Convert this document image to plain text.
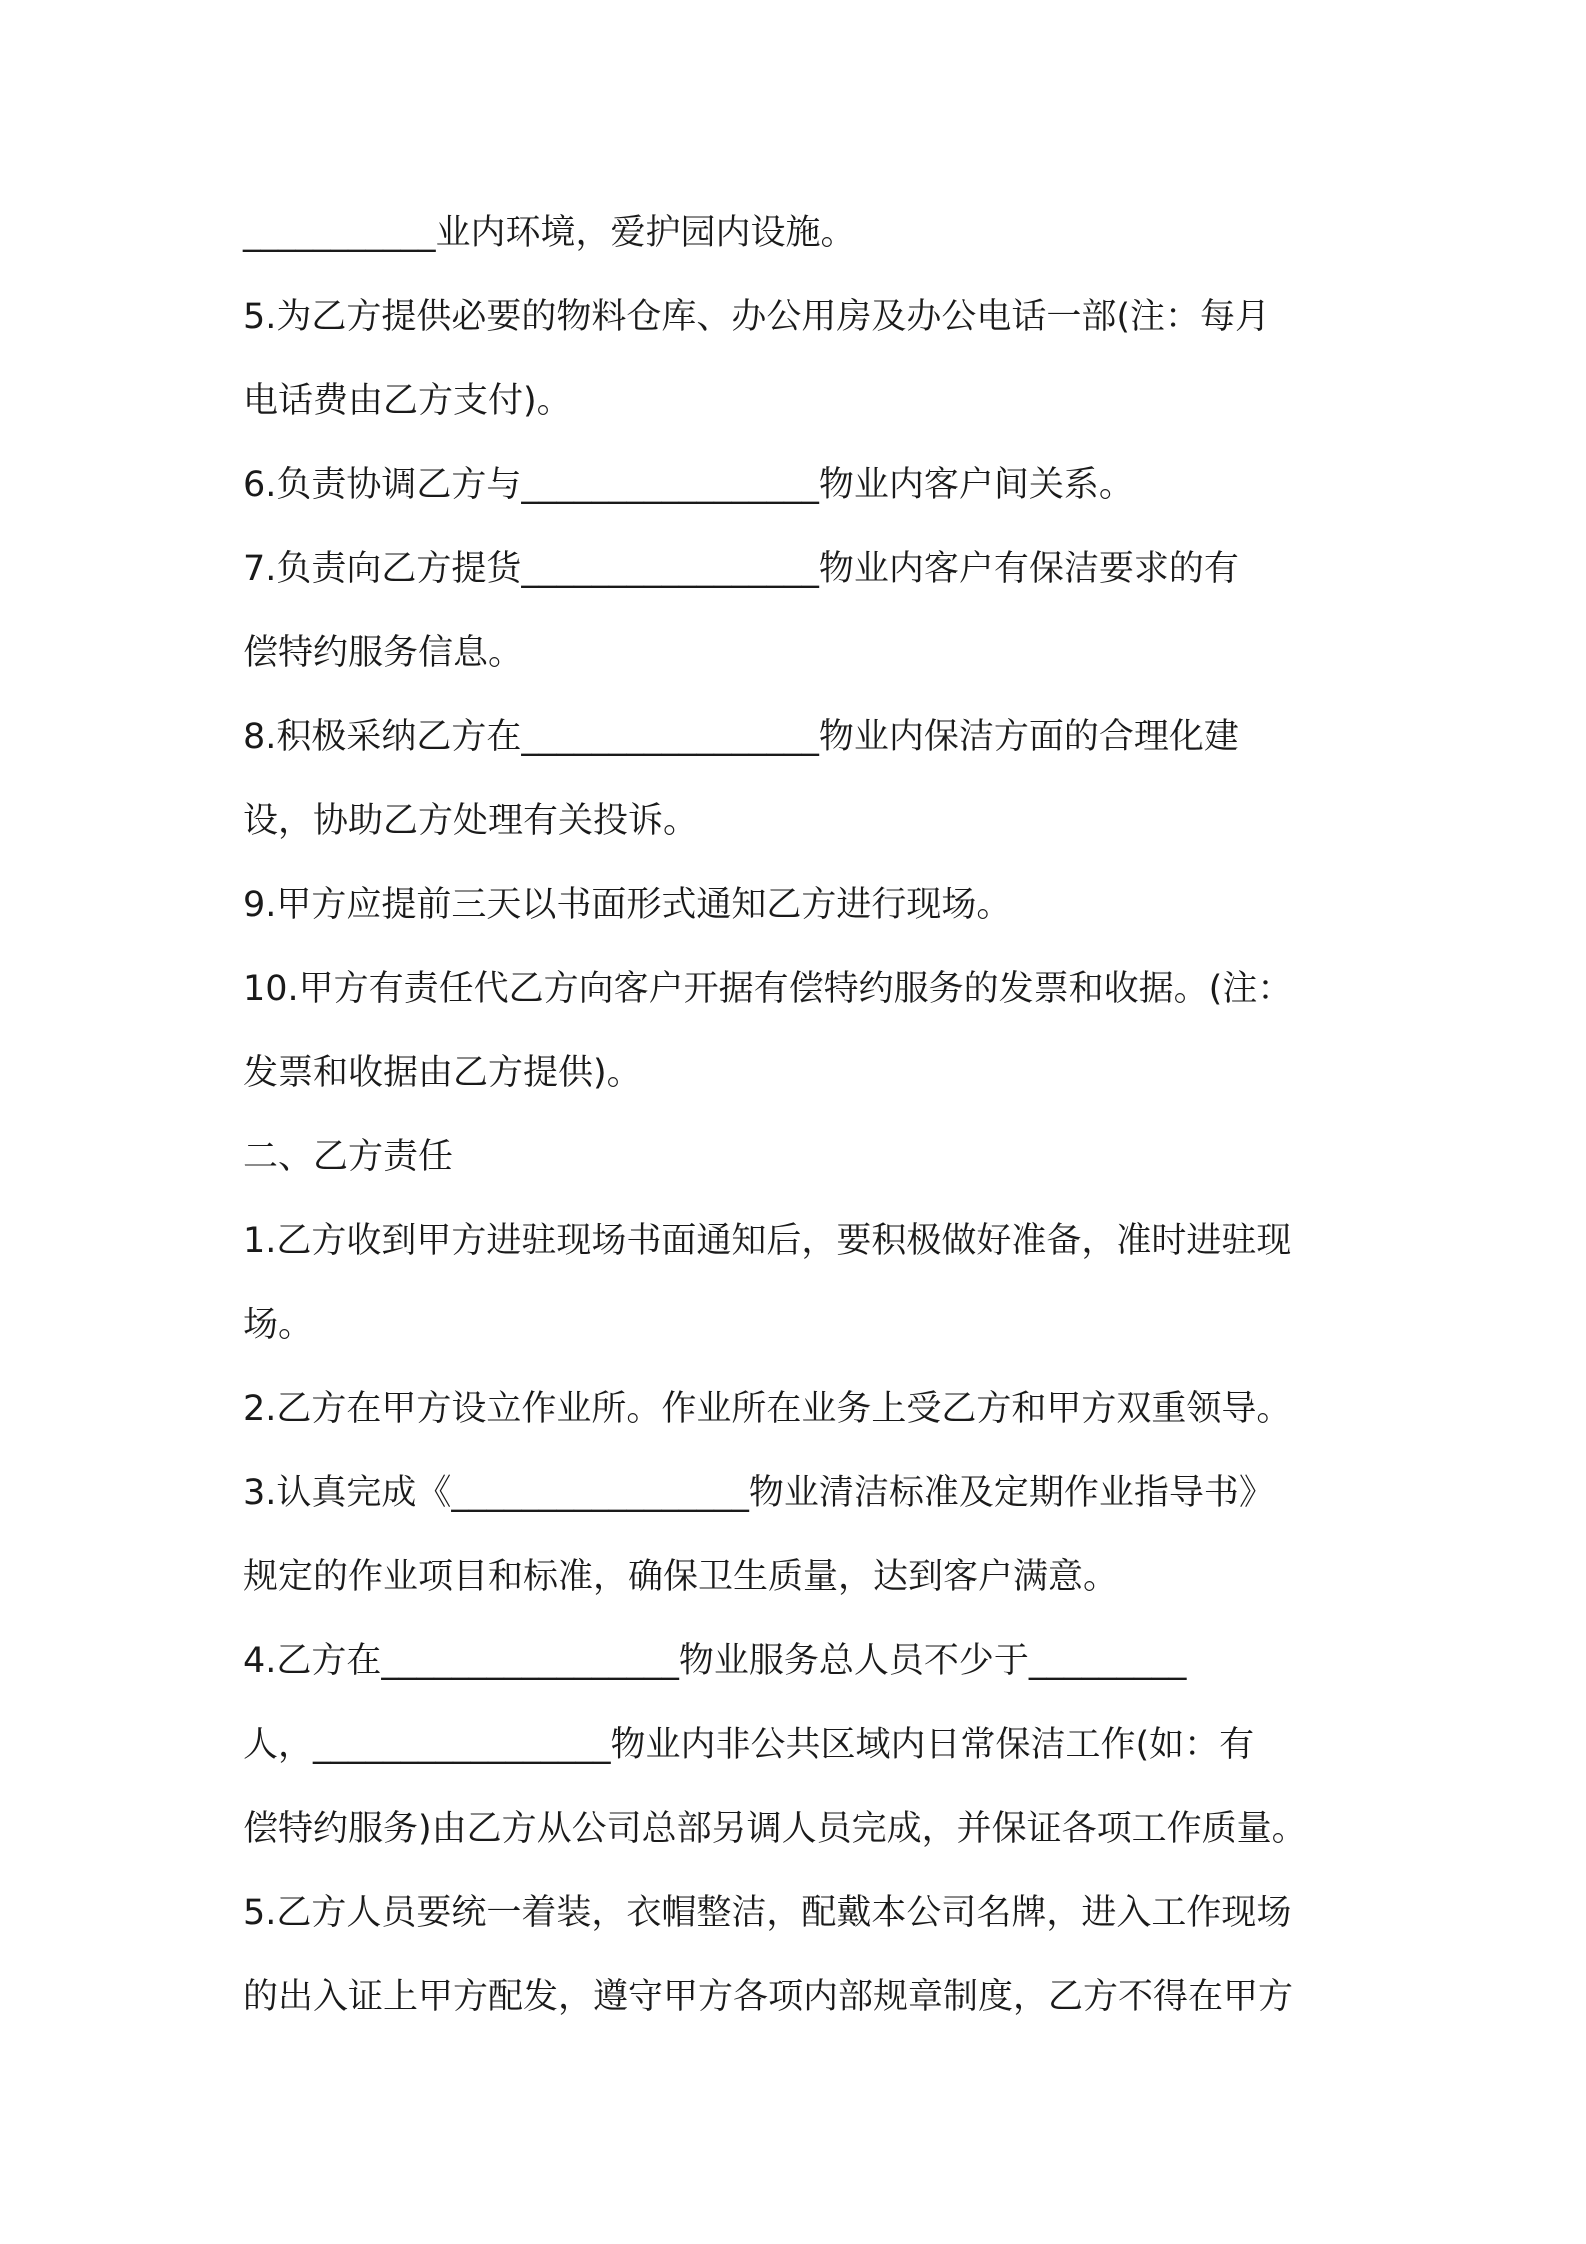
___________业内环境，爱护园内设施。
5.为乙方提供必要的物料仓库、办公用房及办公电话一部(注：每月
电话费由乙方支付)。
6.负责协调乙方与_________________物业内客户间关系。
7.负责向乙方提货_________________物业内客户有保洁要求的有
偿特约服务信息。
8.积极采纳乙方在_________________物业内保洁方面的合理化建
设，协助乙方处理有关投诉。
9.甲方应提前三天以书面形式通知乙方进行现场。
10.甲方有责任代乙方向客户开据有偿特约服务的发票和收据。(注：
发票和收据由乙方提供)。
二、乙方责任
1.乙方收到甲方进驻现场书面通知后，要积极做好准备，准时进驻现
场。
2.乙方在甲方设立作业所。作业所在业务上受乙方和甲方双重领导。
3.认真完成《_________________物业清洁标准及定期作业指导书》
规定的作业项目和标准，确保卫生质量，达到客户满意。
4.乙方在_________________物业服务总人员不少于_________
人，_________________物业内非公共区域内日常保洁工作(如：有
偿特约服务)由乙方从公司总部另调人员完成，并保证各项工作质量。
5.乙方人员要统一着装，衣帽整洁，配戴本公司名牌，进入工作现场
的出入证上甲方配发，遵守甲方各项内部规章制度，乙方不得在甲方
